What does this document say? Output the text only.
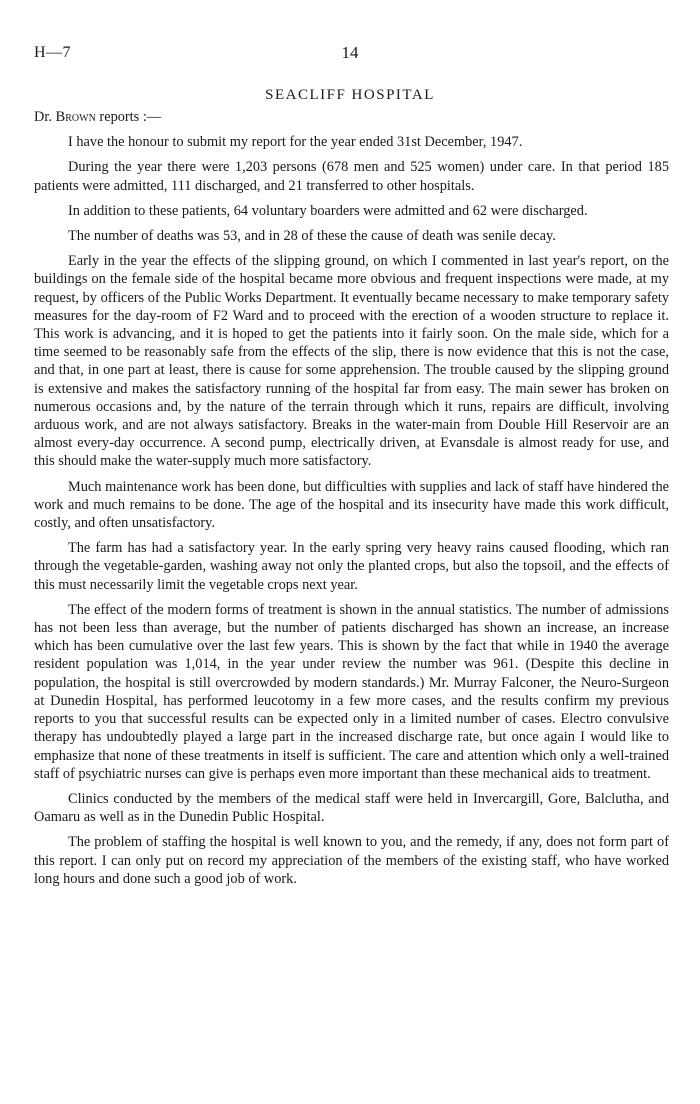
H—7	14
SEACLIFF HOSPITAL
Dr. Brown reports :—

I have the honour to submit my report for the year ended 31st December, 1947.

During the year there were 1,203 persons (678 men and 525 women) under care. In that period 185 patients were admitted, 111 discharged, and 21 transferred to other hospitals.

In addition to these patients, 64 voluntary boarders were admitted and 62 were discharged.

The number of deaths was 53, and in 28 of these the cause of death was senile decay.

Early in the year the effects of the slipping ground, on which I commented in last year's report, on the buildings on the female side of the hospital became more obvious and frequent inspections were made, at my request, by officers of the Public Works Department. It eventually became necessary to make temporary safety measures for the day-room of F2 Ward and to proceed with the erection of a wooden structure to replace it. This work is advancing, and it is hoped to get the patients into it fairly soon. On the male side, which for a time seemed to be reasonably safe from the effects of the slip, there is now evidence that this is not the case, and that, in one part at least, there is cause for some apprehension. The trouble caused by the slipping ground is extensive and makes the satisfactory running of the hospital far from easy. The main sewer has broken on numerous occasions and, by the nature of the terrain through which it runs, repairs are difficult, involving arduous work, and are not always satisfactory. Breaks in the water-main from Double Hill Reservoir are an almost every-day occurrence. A second pump, electrically driven, at Evansdale is almost ready for use, and this should make the water-supply much more satisfactory.

Much maintenance work has been done, but difficulties with supplies and lack of staff have hindered the work and much remains to be done. The age of the hospital and its insecurity have made this work difficult, costly, and often unsatisfactory.

The farm has had a satisfactory year. In the early spring very heavy rains caused flooding, which ran through the vegetable-garden, washing away not only the planted crops, but also the topsoil, and the effects of this must necessarily limit the vegetable crops next year.

The effect of the modern forms of treatment is shown in the annual statistics. The number of admissions has not been less than average, but the number of patients discharged has shown an increase, an increase which has been cumulative over the last few years. This is shown by the fact that while in 1940 the average resident population was 1,014, in the year under review the number was 961. (Despite this decline in population, the hospital is still overcrowded by modern standards.) Mr. Murray Falconer, the Neuro-Surgeon at Dunedin Hospital, has performed leucotomy in a few more cases, and the results confirm my previous reports to you that successful results can be expected only in a limited number of cases. Electro convulsive therapy has undoubtedly played a large part in the increased discharge rate, but once again I would like to emphasize that none of these treatments in itself is sufficient. The care and attention which only a well-trained staff of psychiatric nurses can give is perhaps even more important than these mechanical aids to treatment.

Clinics conducted by the members of the medical staff were held in Invercargill, Gore, Balclutha, and Oamaru as well as in the Dunedin Public Hospital.

The problem of staffing the hospital is well known to you, and the remedy, if any, does not form part of this report. I can only put on record my appreciation of the members of the existing staff, who have worked long hours and done such a good job of work.
